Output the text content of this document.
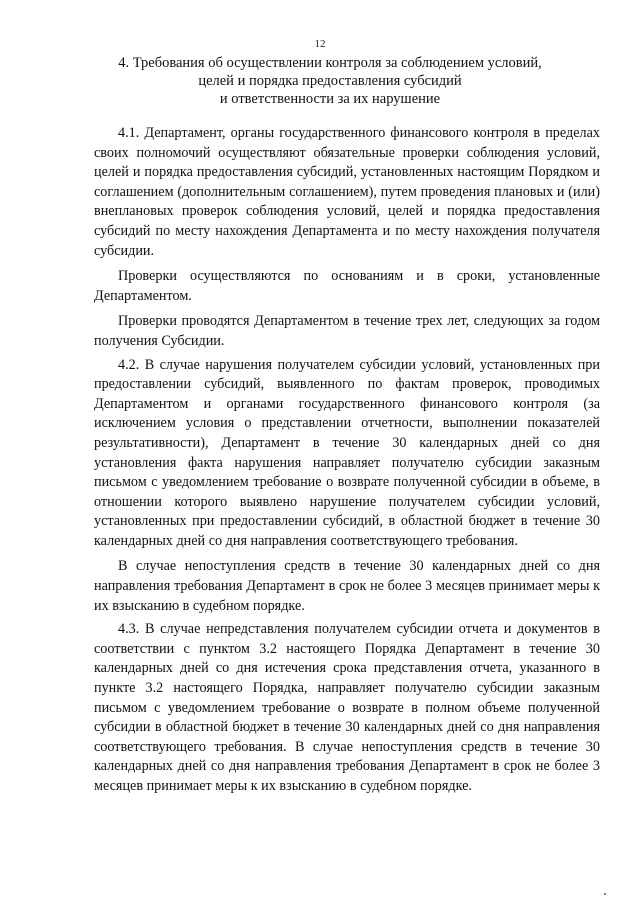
12
4. Требования об осуществлении контроля за соблюдением условий,
целей и порядка предоставления субсидий
и ответственности за их нарушение

4.1. Департамент, органы государственного финансового контроля в пределах своих полномочий осуществляют обязательные проверки соблюдения условий, целей и порядка предоставления субсидий, установленных настоящим Порядком и соглашением (дополнительным соглашением), путем проведения плановых и (или) внеплановых проверок соблюдения условий, целей и порядка предоставления субсидий по месту нахождения Департамента и по месту нахождения получателя субсидии.

Проверки осуществляются по основаниям и в сроки, установленные Департаментом.

Проверки проводятся Департаментом в течение трех лет, следующих за годом получения Субсидии.

4.2. В случае нарушения получателем субсидии условий, установленных при предоставлении субсидий, выявленного по фактам проверок, проводимых Департаментом и органами государственного финансового контроля (за исключением условия о представлении отчетности, выполнении показателей результативности), Департамент в течение 30 календарных дней со дня установления факта нарушения направляет получателю субсидии заказным письмом с уведомлением требование о возврате полученной субсидии в объеме, в отношении которого выявлено нарушение получателем субсидии условий, установленных при предоставлении субсидий, в областной бюджет в течение 30 календарных дней со дня направления соответствующего требования.

В случае непоступления средств в течение 30 календарных дней со дня направления требования Департамент в срок не более 3 месяцев принимает меры к их взысканию в судебном порядке.

4.3. В случае непредставления получателем субсидии отчета и документов в соответствии с пунктом 3.2 настоящего Порядка Департамент в течение 30 календарных дней со дня истечения срока представления отчета, указанного в пункте 3.2 настоящего Порядка, направляет получателю субсидии заказным письмом с уведомлением требование о возврате в полном объеме полученной субсидии в областной бюджет в течение 30 календарных дней со дня направления соответствующего требования. В случае непоступления средств в течение 30 календарных дней со дня направления требования Департамент в срок не более 3 месяцев принимает меры к их взысканию в судебном порядке.
